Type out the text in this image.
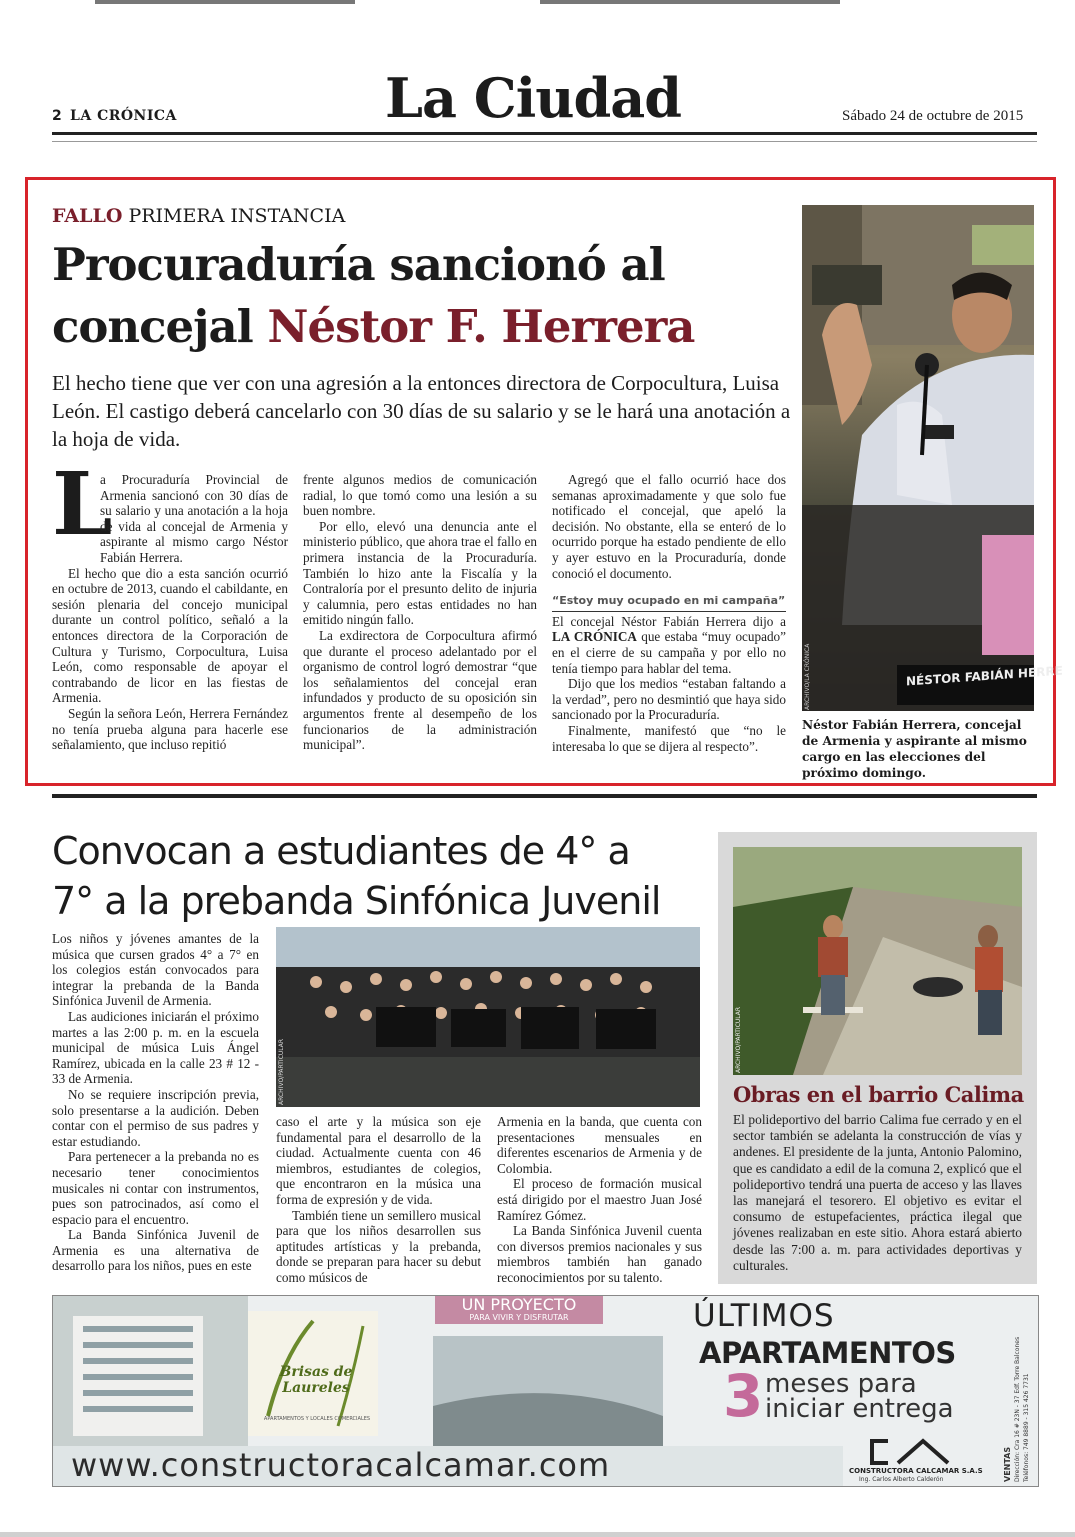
2 LA CRÓNICA	La Ciudad	Sábado 24 de octubre de 2015
FALLO PRIMERA INSTANCIA
Procuraduría sancionó al
concejal Néstor F. Herrera
El hecho tiene que ver con una agresión a la entonces directora de Corpocultura, Luisa León. El castigo deberá cancelarlo con 30 días de su salario y se le hará una anotación a la hoja de vida.
L

a Procuraduría Provincial de Armenia sancionó con 30 días de su salario y una anotación a la hoja de vida al concejal de Armenia y aspirante al mismo cargo Néstor Fabián Herrera.

El hecho que dio a esta sanción ocurrió en octubre de 2013, cuando el cabildante, en sesión plenaria del concejo municipal durante un control político, señaló a la entonces directora de la Corporación de Cultura y Turismo, Corpocultura, Luisa León, como responsable de apoyar el contrabando de licor en las fiestas de Armenia.

Según la señora León, Herrera Fernández no tenía prueba alguna para hacerle ese señalamiento, que incluso repitió

frente algunos medios de comunicación radial, lo que tomó como una lesión a su buen nombre.

Por ello, elevó una denuncia ante el ministerio público, que ahora trae el fallo en primera instancia de la Procuraduría. También lo hizo ante la Fiscalía y la Contraloría por el presunto delito de injuria y calumnia, pero estas entidades no han emitido ningún fallo.

La exdirectora de Corpocultura afirmó que durante el proceso adelantado por el organismo de control logró demostrar “que los señalamientos del concejal eran infundados y producto de su oposición sin argumentos frente al desempeño de los funcionarios de la administración municipal”.

Agregó que el fallo ocurrió hace dos semanas aproximadamente y que solo fue notificado el concejal, que apeló la decisión. No obstante, ella se enteró de lo ocurrido porque ha estado pendiente de ello y ayer estuvo en la Procuraduría, donde conoció el documento.

“Estoy muy ocupado en mi campaña”

El concejal Néstor Fabián Herrera dijo a LA CRÓNICA que estaba “muy ocupado” en el cierre de su campaña y por ello no tenía tiempo para hablar del tema.

Dijo que los medios “estaban faltando a la verdad”, pero no desmintió que haya sido sancionado por la Procuraduría.

Finalmente, manifestó que “no le interesaba lo que se dijera al respecto”.

NÉSTOR FABIÁN HERRE
ARCHIVO/LA CRÓNICA
Néstor Fabián Herrera, concejal de Armenia y aspirante al mismo cargo en las elecciones del próximo domingo.
Convocan a estudiantes de 4° a
7° a la prebanda Sinfónica Juvenil
ARCHIVO/PARTICULAR

Los niños y jóvenes amantes de la música que cursen grados 4° a 7° en los colegios están convocados para integrar la prebanda de la Banda Sinfónica Juvenil de Armenia.

Las audiciones iniciarán el próximo martes a las 2:00 p. m. en la escuela municipal de música Luis Ángel Ramírez, ubicada en la calle 23 # 12 - 33 de Armenia.

No se requiere inscripción previa, solo presentarse a la audición. Deben contar con el permiso de sus padres y estar estudiando.

Para pertenecer a la prebanda no es necesario tener conocimientos musicales ni contar con instrumentos, pues son patrocinados, así como el espacio para el encuentro.

La Banda Sinfónica Juvenil de Armenia es una alternativa de desarrollo para los niños, pues en este

caso el arte y la música son eje fundamental para el desarrollo de la ciudad. Actualmente cuenta con 46 miembros, estudiantes de colegios, que encontraron en la música una forma de expresión y de vida.

También tiene un semillero musical para que los niños desarrollen sus aptitudes artísticas y la prebanda, donde se preparan para hacer su debut como músicos de

Armenia en la banda, que cuenta con presentaciones mensuales en diferentes escenarios de Armenia y de Colombia.

El proceso de formación musical está dirigido por el maestro Juan José Ramírez Gómez.

La Banda Sinfónica Juvenil cuenta con diversos premios nacionales y sus miembros también han ganado reconocimientos por su talento.

ARCHIVO/PARTICULAR
Obras en el barrio Calima

El polideportivo del barrio Calima fue cerrado y en el sector también se adelanta la construcción de vías y andenes. El presidente de la junta, Antonio Palomino, que es candidato a edil de la comuna 2, explicó que el polideportivo tendrá una puerta de acceso y las llaves las manejará el tesorero. El objetivo es evitar el consumo de estupefacientes, práctica ilegal que jóvenes realizaban en este sitio. Ahora estará abierto desde las 7:00 a. m. para actividades deportivas y culturales.

UN PROYECTO
PARA VIVIR Y DISFRUTAR
Brisas de Laureles
APARTAMENTOS Y LOCALES COMERCIALES
ÚLTIMOS
APARTAMENTOS
3 meses para
iniciar entrega
www.constructoracalcamar.com	CONSTRUCTORA CALCAMAR S.A.S
Ing. Carlos Alberto Calderón	VENTAS Dirección: Cra 16 # 23N - 37 Edf. Torre Balcones Teléfonos: 749 8889 - 315 426 7731
